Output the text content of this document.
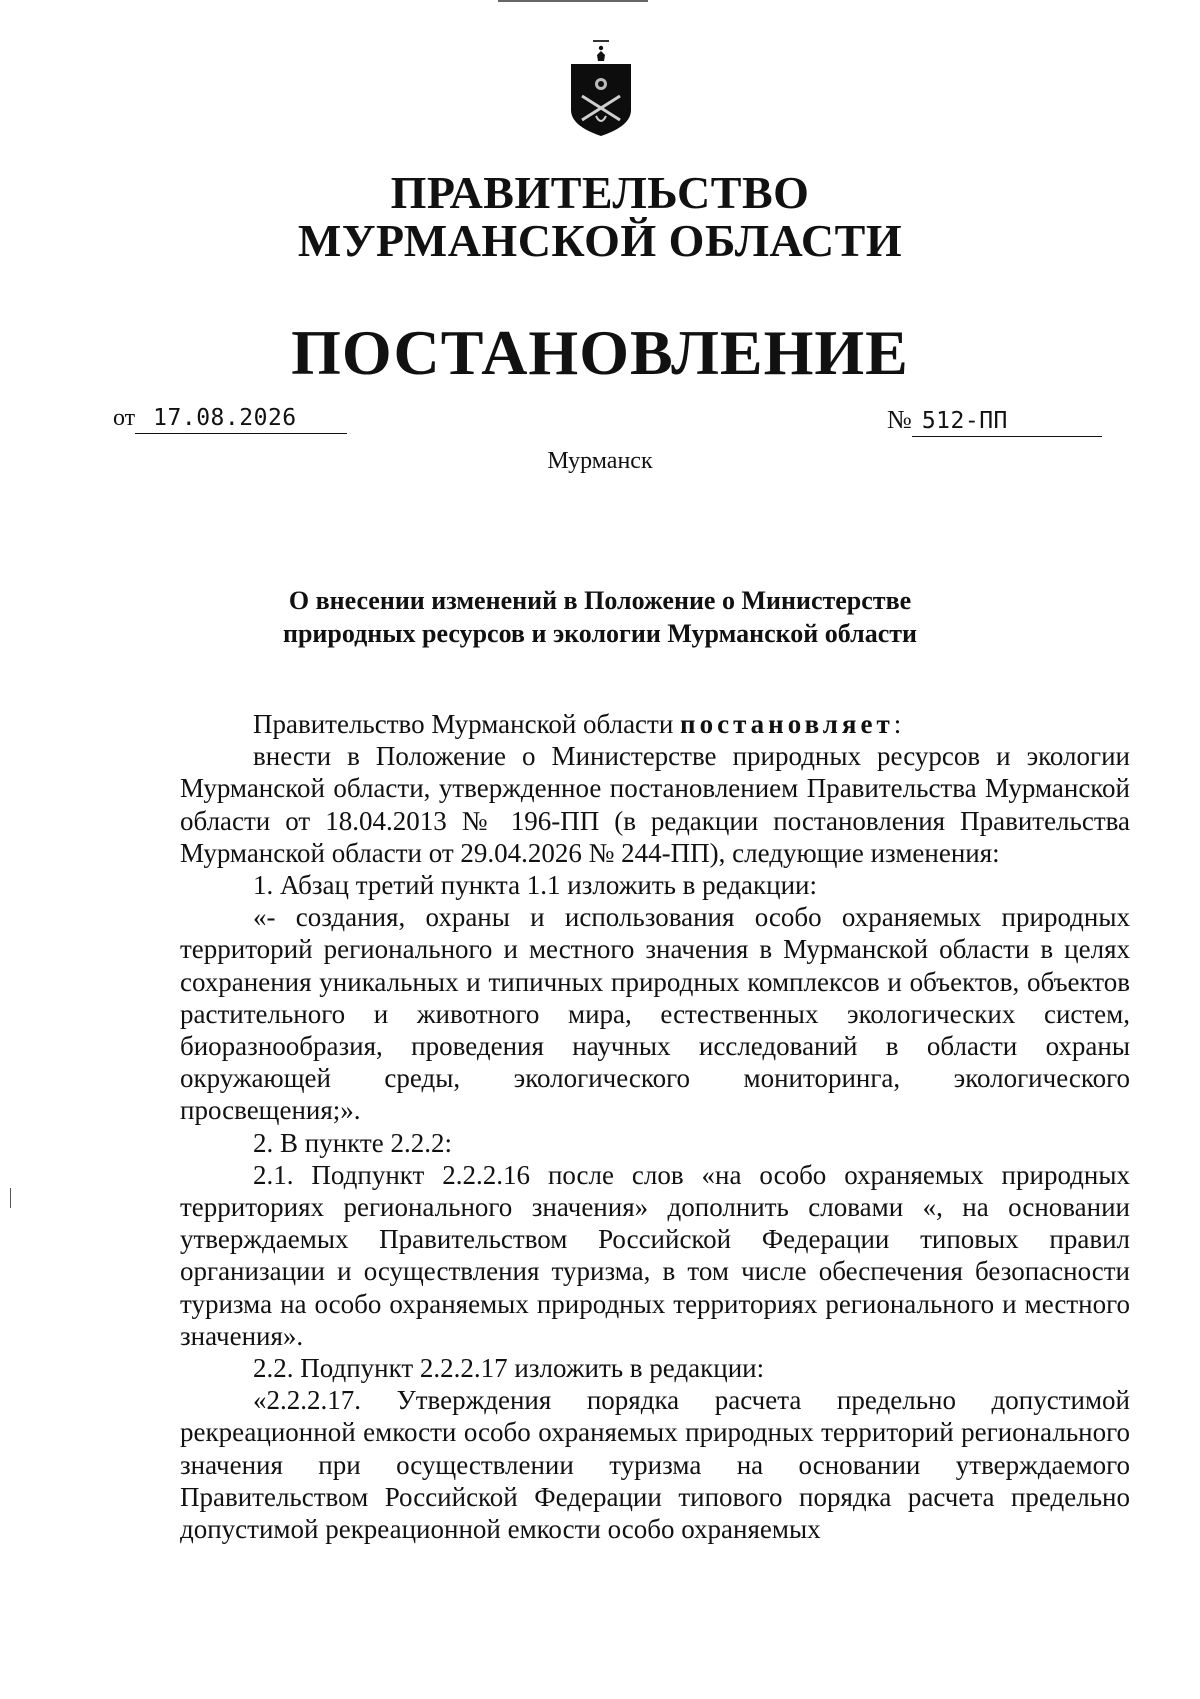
ПРАВИТЕЛЬСТВО
МУРМАНСКОЙ ОБЛАСТИ
ПОСТАНОВЛЕНИЕ
от 17.08.2026	№ 512-ПП
Мурманск
О внесении изменений в Положение о Министерстве
природных ресурсов и экологии Мурманской области

Правительство Мурманской области постановляет:

внести в Положение о Министерстве природных ресурсов и экологии Мурманской области, утвержденное постановлением Правительства Мурманской области от 18.04.2013 № 196-ПП (в редакции постановления Правительства Мурманской области от 29.04.2026 № 244-ПП), следующие изменения:

1. Абзац третий пункта 1.1 изложить в редакции:

«- создания, охраны и использования особо охраняемых природных территорий регионального и местного значения в Мурманской области в целях сохранения уникальных и типичных природных комплексов и объектов, объектов растительного и животного мира, естественных экологических систем, биоразнообразия, проведения научных исследований в области охраны окружающей среды, экологического мониторинга, экологического просвещения;».

2. В пункте 2.2.2:

2.1. Подпункт 2.2.2.16 после слов «на особо охраняемых природных территориях регионального значения» дополнить словами «, на основании утверждаемых Правительством Российской Федерации типовых правил организации и осуществления туризма, в том числе обеспечения безопасности туризма на особо охраняемых природных территориях регионального и местного значения».

2.2. Подпункт 2.2.2.17 изложить в редакции:

«2.2.2.17. Утверждения порядка расчета предельно допустимой рекреационной емкости особо охраняемых природных территорий регионального значения при осуществлении туризма на основании утверждаемого Правительством Российской Федерации типового порядка расчета предельно допустимой рекреационной емкости особо охраняемых
